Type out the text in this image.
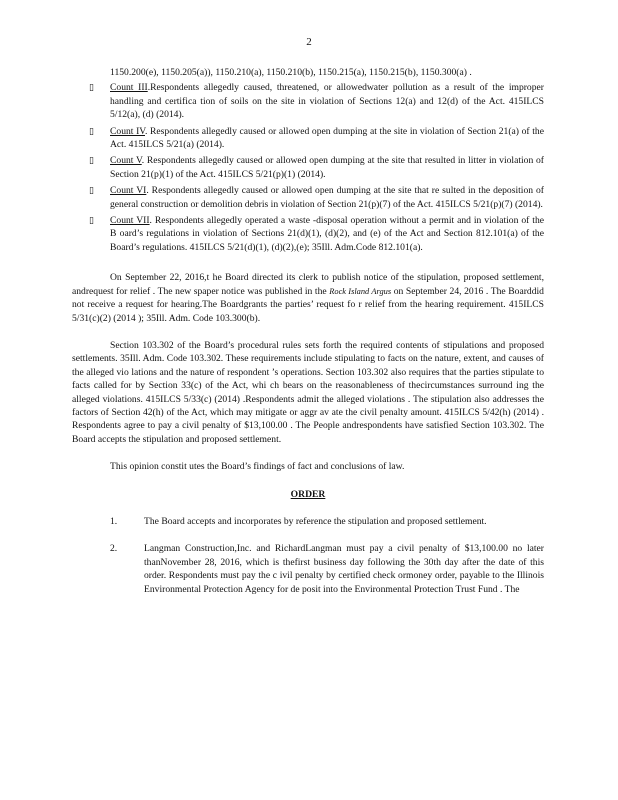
2
1150.200(e), 1150.205(a)), 1150.210(a), 1150.210(b), 1150.215(a), 1150.215(b), 1150.300(a) .
▯ Count III.Respondents allegedly caused, threatened, or allowedwater pollution as a result of the improper handling and certifica tion of soils on the site in violation of Sections 12(a) and 12(d) of the Act. 415ILCS 5/12(a), (d) (2014).
▯ Count IV. Respondents allegedly caused or allowed open dumping at the site in violation of Section 21(a) of the Act. 415ILCS 5/21(a) (2014).
▯ Count V. Respondents allegedly caused or allowed open dumping at the site that resulted in litter in violation of Section 21(p)(1) of the Act. 415ILCS 5/21(p)(1) (2014).
▯ Count VI. Respondents allegedly caused or allowed open dumping at the site that re sulted in the deposition of general construction or demolition debris in violation of Section 21(p)(7) of the Act. 415ILCS 5/21(p)(7) (2014).
▯ Count VII. Respondents allegedly operated a waste -disposal operation without a permit and in violation of the B oard’s regulations in violation of Sections 21(d)(1), (d)(2), and (e) of the Act and Section 812.101(a) of the Board’s regulations. 415ILCS 5/21(d)(1), (d)(2),(e); 35Ill. Adm.Code 812.101(a).

On September 22, 2016,t he Board directed its clerk to publish notice of the stipulation, proposed settlement, andrequest for relief . The new spaper notice was published in the Rock Island Argus on September 24, 2016 . The Boarddid not receive a request for hearing.The Boardgrants the parties’ request fo r relief from the hearing requirement. 415ILCS 5/31(c)(2) (2014 ); 35Ill. Adm. Code 103.300(b).

Section 103.302 of the Board’s procedural rules sets forth the required contents of stipulations and proposed settlements. 35Ill. Adm. Code 103.302. These requirements include stipulating to facts on the nature, extent, and causes of the alleged vio lations and the nature of respondent ’s operations. Section 103.302 also requires that the parties stipulate to facts called for by Section 33(c) of the Act, whi ch bears on the reasonableness of thecircumstances surround ing the alleged violations. 415ILCS 5/33(c) (2014) .Respondents admit the alleged violations . The stipulation also addresses the factors of Section 42(h) of the Act, which may mitigate or aggr av ate the civil penalty amount. 415ILCS 5/42(h) (2014) . Respondents agree to pay a civil penalty of $13,100.00 . The People andrespondents have satisfied Section 103.302. The Board accepts the stipulation and proposed settlement.

This opinion constit utes the Board’s findings of fact and conclusions of law.

ORDER

1.	The Board accepts and incorporates by reference the stipulation and proposed settlement.
2.	Langman Construction,Inc. and RichardLangman must pay a civil penalty of $13,100.00 no later thanNovember 28, 2016, which is thefirst business day following the 30th day after the date of this order. Respondents must pay the c ivil penalty by certified check ormoney order, payable to the Illinois Environmental Protection Agency for de posit into the Environmental Protection Trust Fund . The
